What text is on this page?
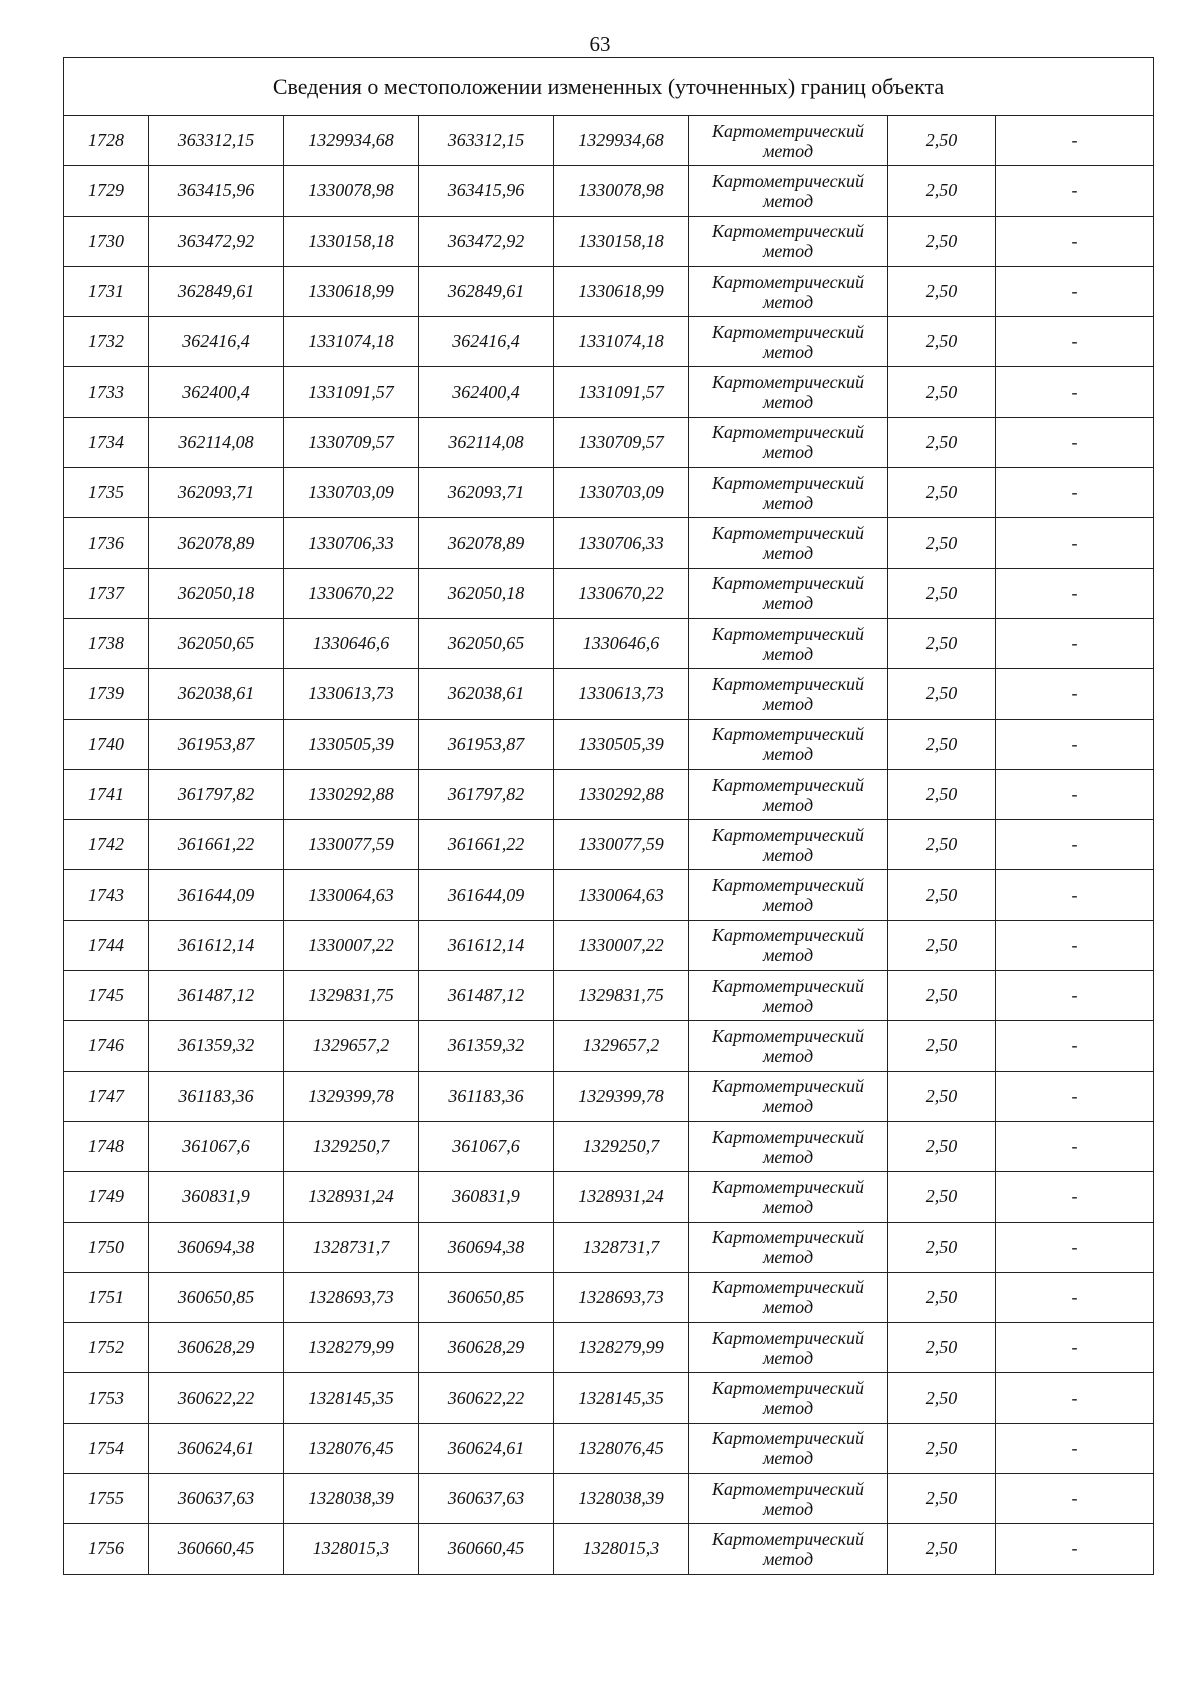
63
Сведения о местоположении измененных (уточненных) границ объекта							
1728	363312,15	1329934,68	363312,15	1329934,68	Картометрический
метод	2,50	-
1729	363415,96	1330078,98	363415,96	1330078,98	Картометрический
метод	2,50	-
1730	363472,92	1330158,18	363472,92	1330158,18	Картометрический
метод	2,50	-
1731	362849,61	1330618,99	362849,61	1330618,99	Картометрический
метод	2,50	-
1732	362416,4	1331074,18	362416,4	1331074,18	Картометрический
метод	2,50	-
1733	362400,4	1331091,57	362400,4	1331091,57	Картометрический
метод	2,50	-
1734	362114,08	1330709,57	362114,08	1330709,57	Картометрический
метод	2,50	-
1735	362093,71	1330703,09	362093,71	1330703,09	Картометрический
метод	2,50	-
1736	362078,89	1330706,33	362078,89	1330706,33	Картометрический
метод	2,50	-
1737	362050,18	1330670,22	362050,18	1330670,22	Картометрический
метод	2,50	-
1738	362050,65	1330646,6	362050,65	1330646,6	Картометрический
метод	2,50	-
1739	362038,61	1330613,73	362038,61	1330613,73	Картометрический
метод	2,50	-
1740	361953,87	1330505,39	361953,87	1330505,39	Картометрический
метод	2,50	-
1741	361797,82	1330292,88	361797,82	1330292,88	Картометрический
метод	2,50	-
1742	361661,22	1330077,59	361661,22	1330077,59	Картометрический
метод	2,50	-
1743	361644,09	1330064,63	361644,09	1330064,63	Картометрический
метод	2,50	-
1744	361612,14	1330007,22	361612,14	1330007,22	Картометрический
метод	2,50	-
1745	361487,12	1329831,75	361487,12	1329831,75	Картометрический
метод	2,50	-
1746	361359,32	1329657,2	361359,32	1329657,2	Картометрический
метод	2,50	-
1747	361183,36	1329399,78	361183,36	1329399,78	Картометрический
метод	2,50	-
1748	361067,6	1329250,7	361067,6	1329250,7	Картометрический
метод	2,50	-
1749	360831,9	1328931,24	360831,9	1328931,24	Картометрический
метод	2,50	-
1750	360694,38	1328731,7	360694,38	1328731,7	Картометрический
метод	2,50	-
1751	360650,85	1328693,73	360650,85	1328693,73	Картометрический
метод	2,50	-
1752	360628,29	1328279,99	360628,29	1328279,99	Картометрический
метод	2,50	-
1753	360622,22	1328145,35	360622,22	1328145,35	Картометрический
метод	2,50	-
1754	360624,61	1328076,45	360624,61	1328076,45	Картометрический
метод	2,50	-
1755	360637,63	1328038,39	360637,63	1328038,39	Картометрический
метод	2,50	-
1756	360660,45	1328015,3	360660,45	1328015,3	Картометрический
метод	2,50	-
